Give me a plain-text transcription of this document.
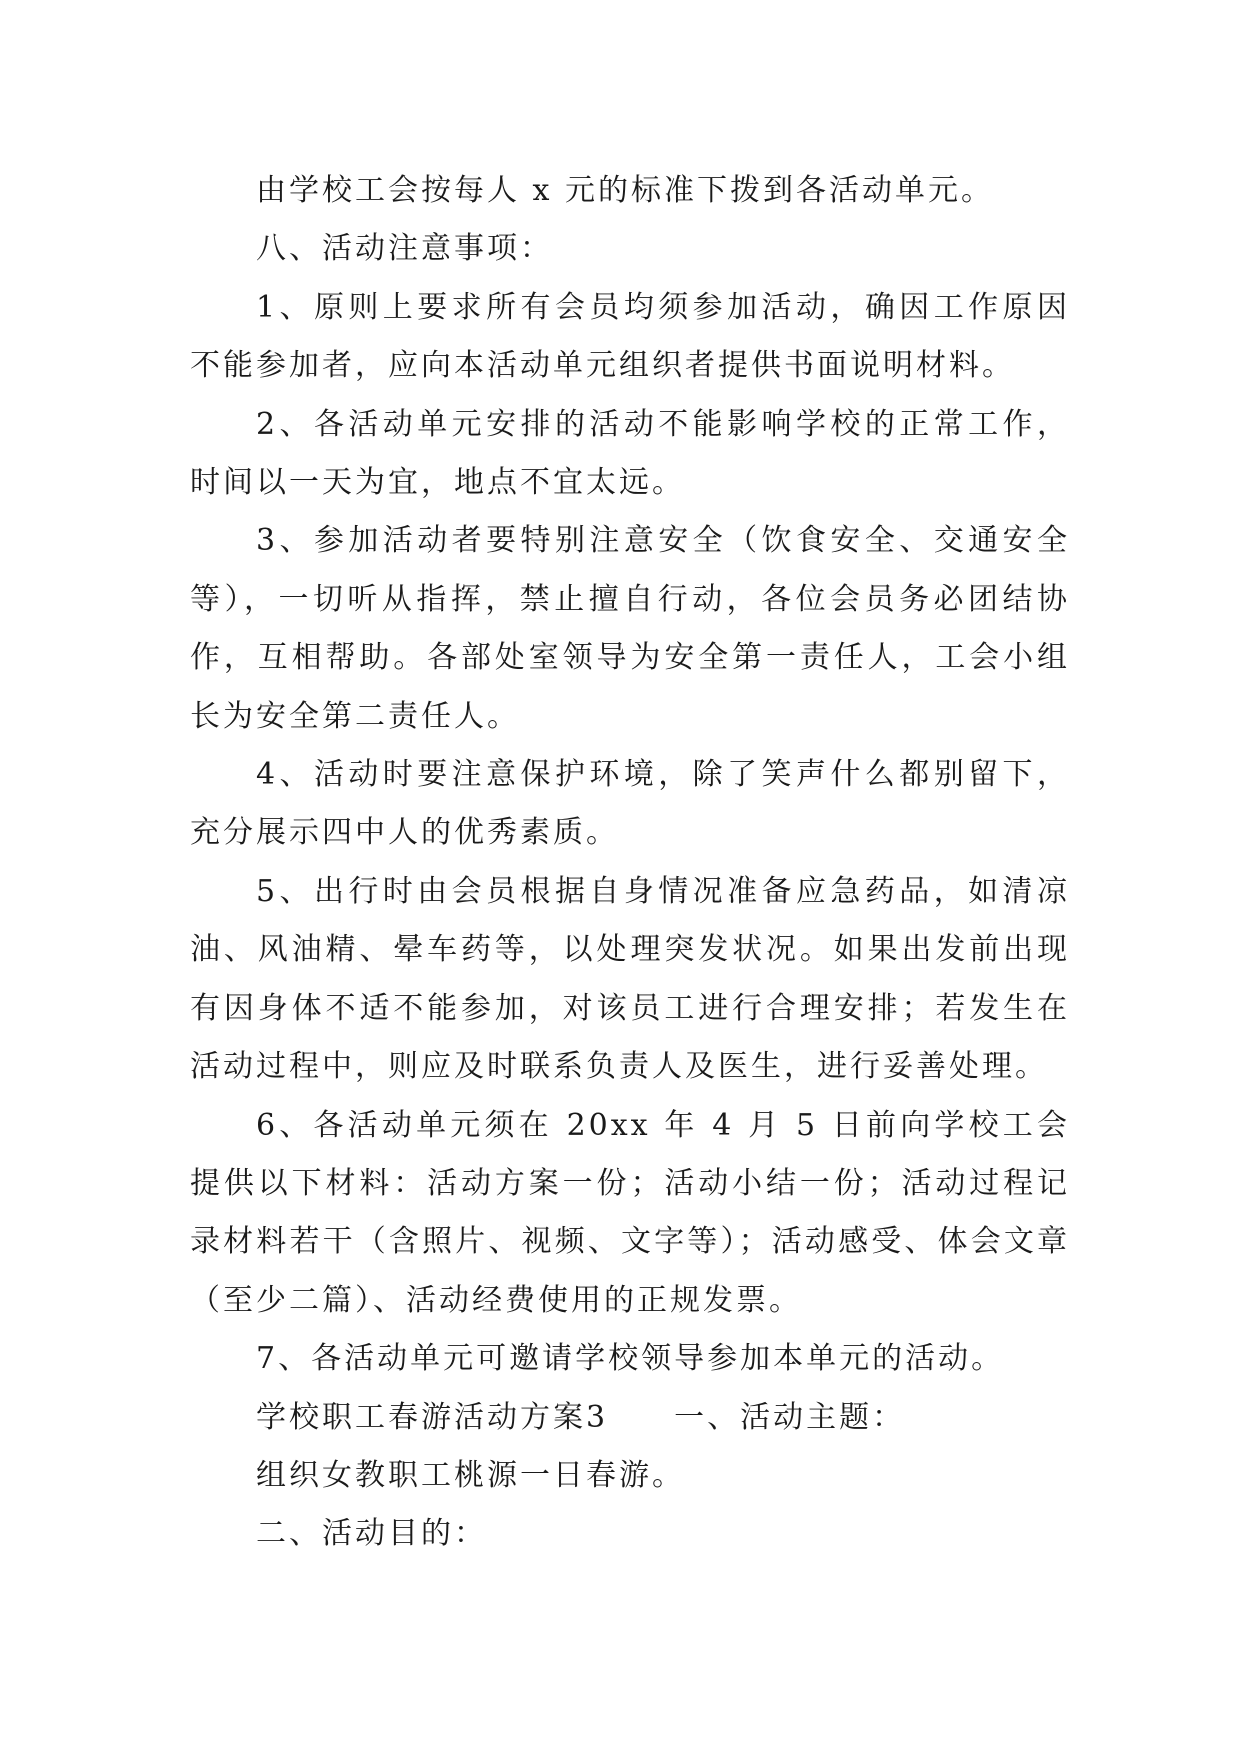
由学校工会按每人 x 元的标准下拨到各活动单元。

八、活动注意事项：

1、原则上要求所有会员均须参加活动，确因工作原因不能参加者，应向本活动单元组织者提供书面说明材料。

2、各活动单元安排的活动不能影响学校的正常工作，时间以一天为宜，地点不宜太远。

3、参加活动者要特别注意安全（饮食安全、交通安全等），一切听从指挥，禁止擅自行动，各位会员务必团结协作，互相帮助。各部处室领导为安全第一责任人，工会小组长为安全第二责任人。

4、活动时要注意保护环境，除了笑声什么都别留下，充分展示四中人的优秀素质。

5、出行时由会员根据自身情况准备应急药品，如清凉油、风油精、晕车药等，以处理突发状况。如果出发前出现有因身体不适不能参加，对该员工进行合理安排；若发生在活动过程中，则应及时联系负责人及医生，进行妥善处理。

6、各活动单元须在 20xx 年 4 月 5 日前向学校工会提供以下材料：活动方案一份；活动小结一份；活动过程记录材料若干（含照片、视频、文字等）；活动感受、体会文章（至少二篇）、活动经费使用的正规发票。

7、各活动单元可邀请学校领导参加本单元的活动。

学校职工春游活动方案3　　一、活动主题：

组织女教职工桃源一日春游。

二、活动目的：
